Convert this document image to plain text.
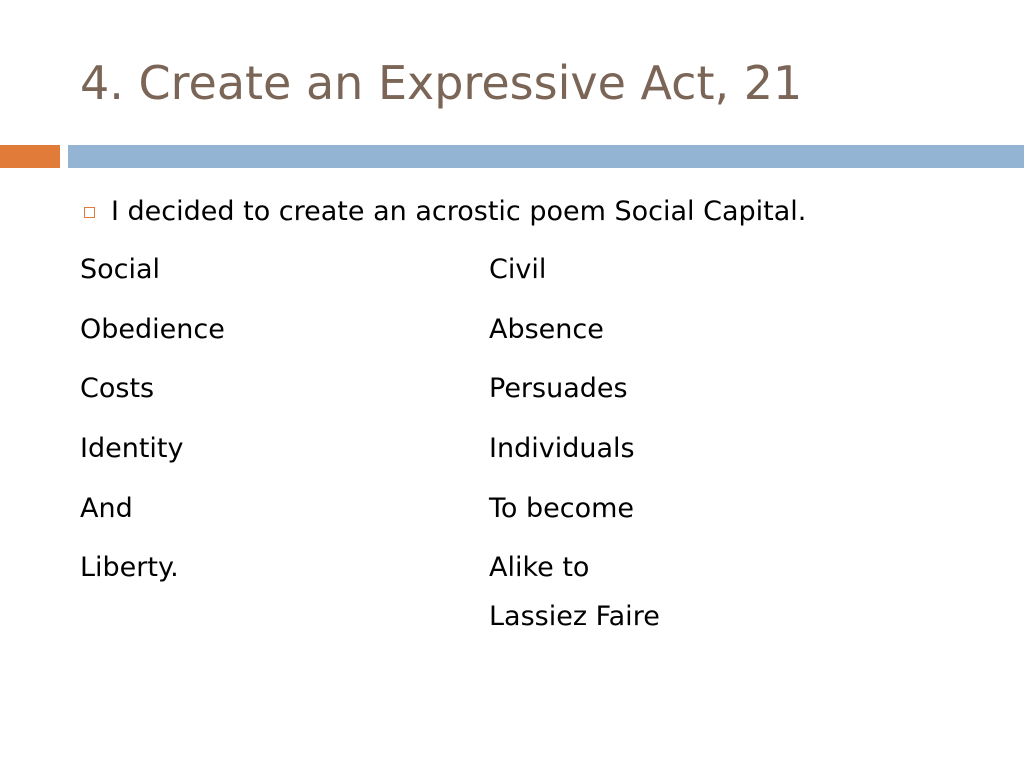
4. Create an Expressive Act, 21
I decided to create an acrostic poem Social Capital.
Social
Obedience
Costs
Identity
And
Liberty.
Civil
Absence
Persuades
Individuals
To become
Alike to
Lassiez Faire
